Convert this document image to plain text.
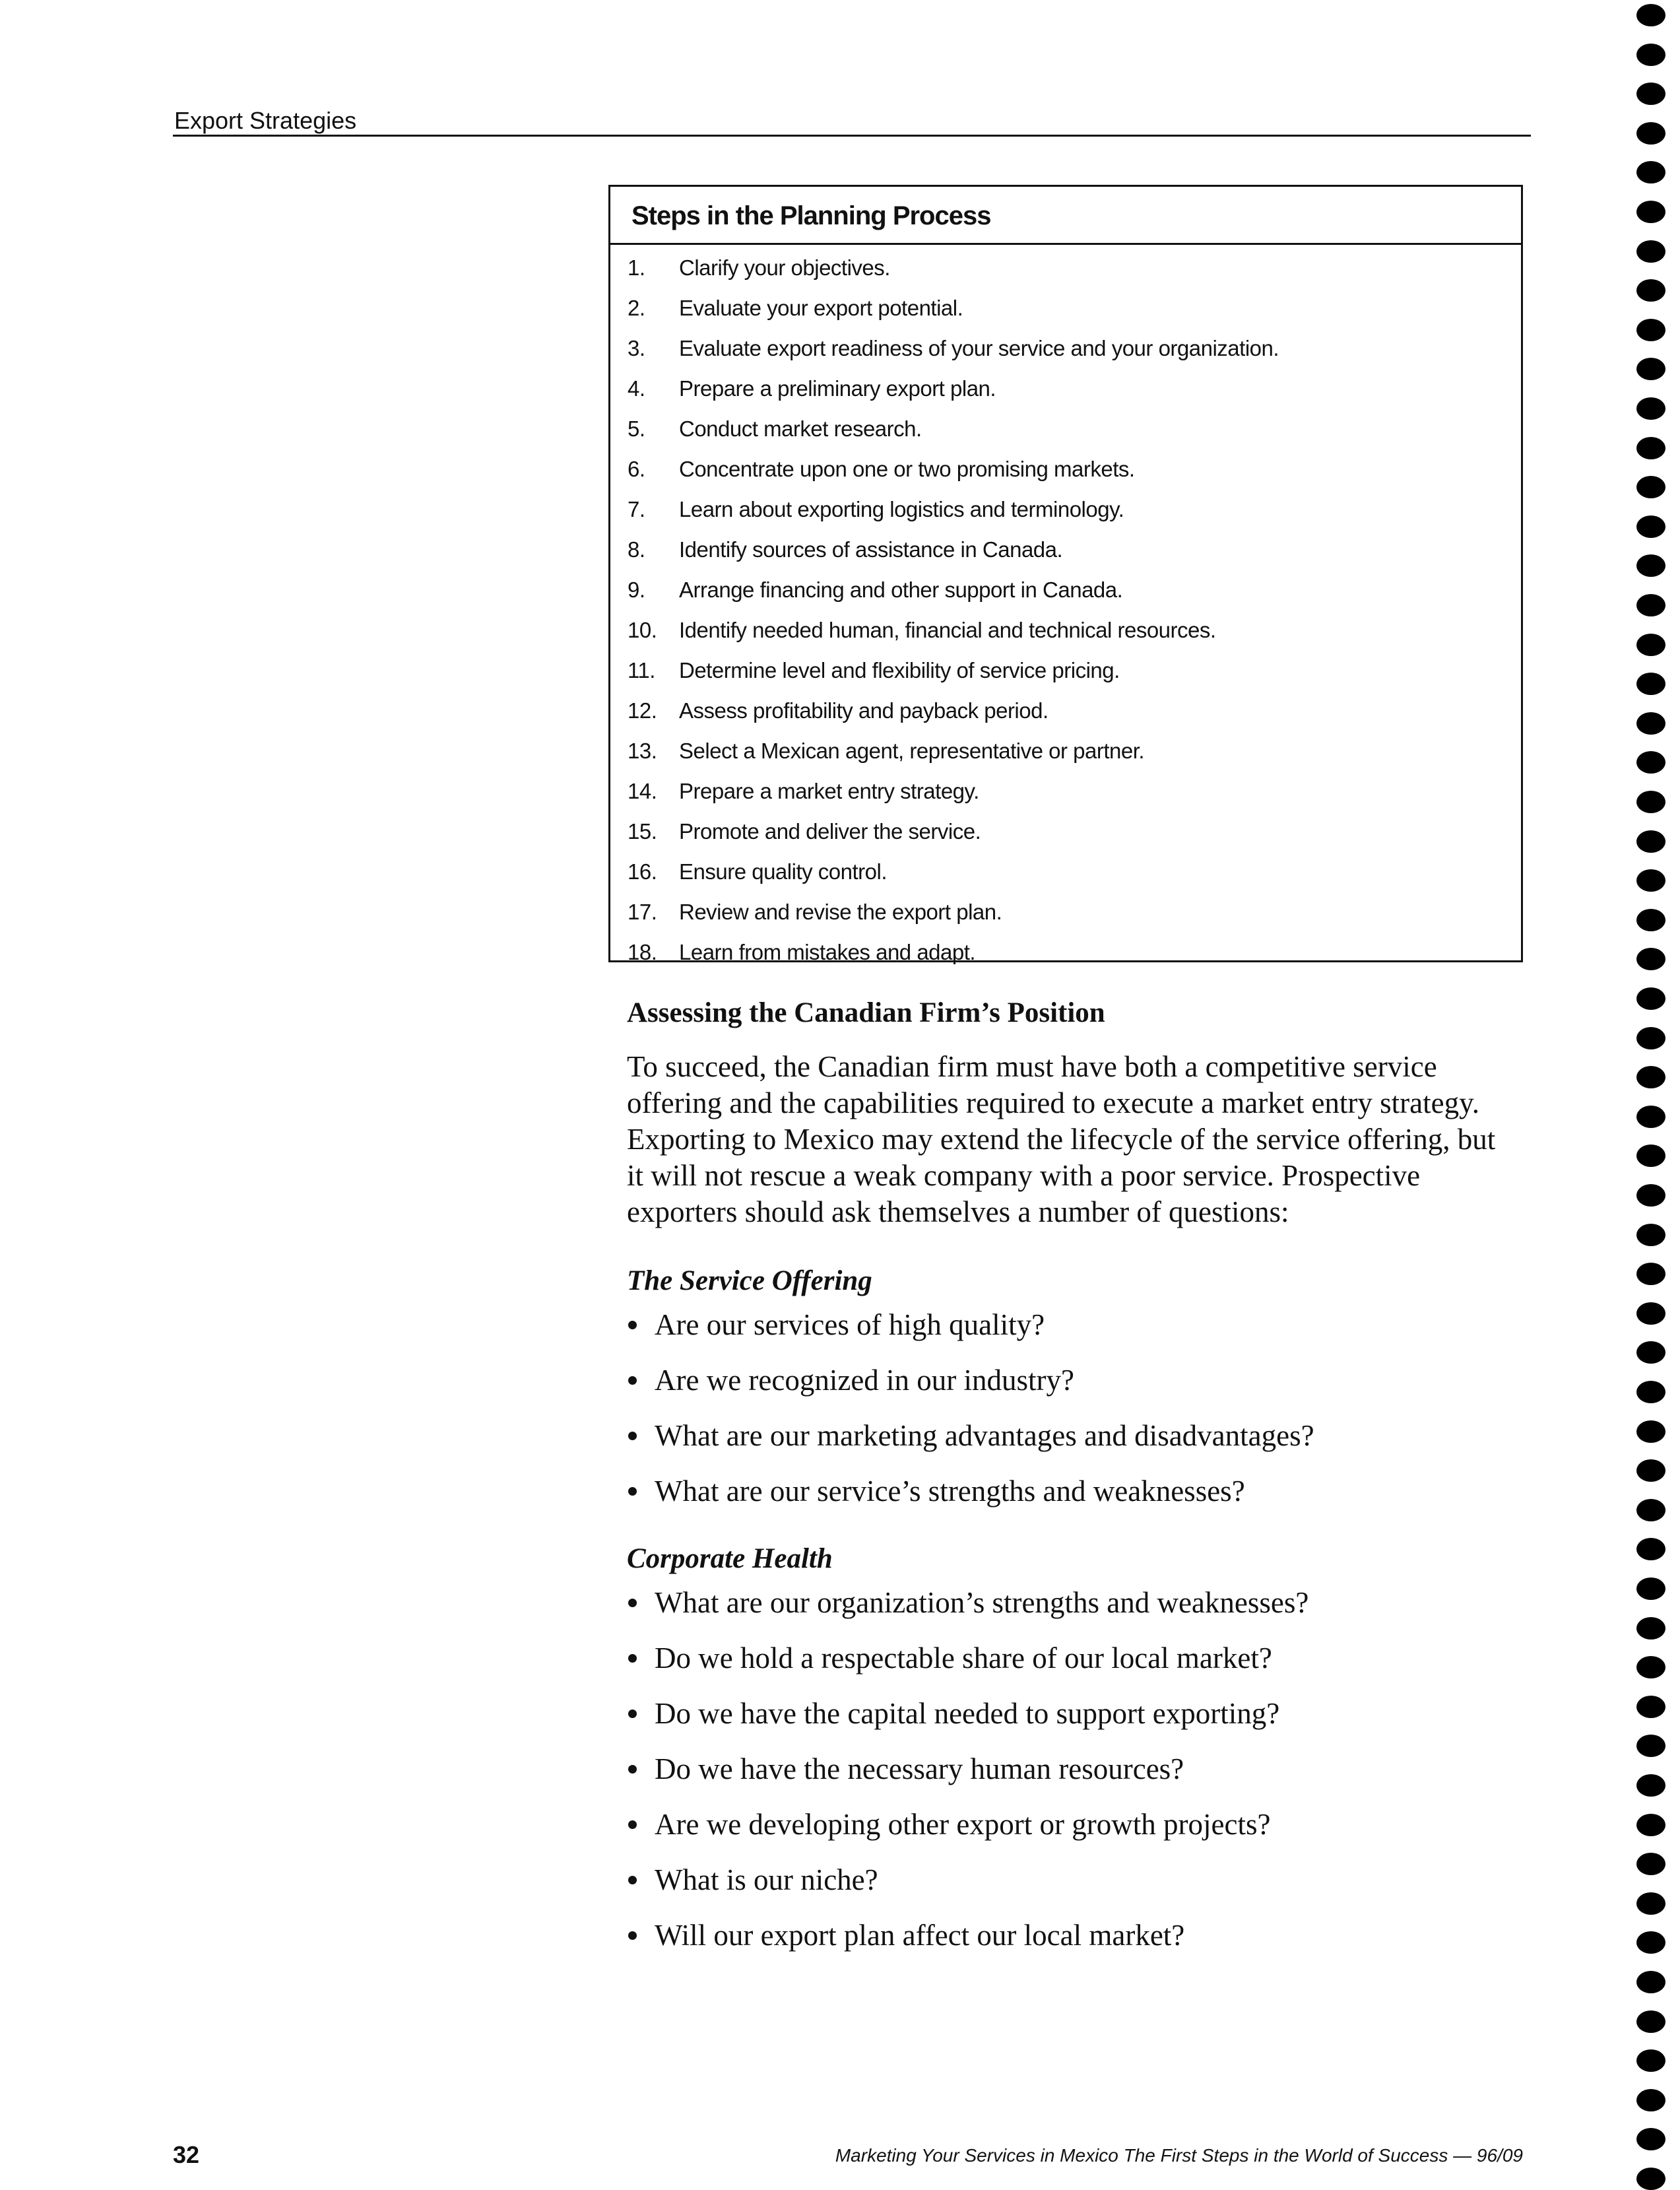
Export Strategies
Steps in the Planning Process
1. Clarify your objectives.
2. Evaluate your export potential.
3. Evaluate export readiness of your service and your organization.
4. Prepare a preliminary export plan.
5. Conduct market research.
6. Concentrate upon one or two promising markets.
7. Learn about exporting logistics and terminology.
8. Identify sources of assistance in Canada.
9. Arrange financing and other support in Canada.
10. Identify needed human, financial and technical resources.
11. Determine level and flexibility of service pricing.
12. Assess profitability and payback period.
13. Select a Mexican agent, representative or partner.
14. Prepare a market entry strategy.
15. Promote and deliver the service.
16. Ensure quality control.
17. Review and revise the export plan.
18. Learn from mistakes and adapt.
Assessing the Canadian Firm’s Position
To succeed, the Canadian firm must have both a competitive service
offering and the capabilities required to execute a market entry strategy.
Exporting to Mexico may extend the lifecycle of the service offering, but
it will not rescue a weak company with a poor service. Prospective
exporters should ask themselves a number of questions:
The Service Offering
Are our services of high quality?
Are we recognized in our industry?
What are our marketing advantages and disadvantages?
What are our service’s strengths and weaknesses?
Corporate Health
What are our organization’s strengths and weaknesses?
Do we hold a respectable share of our local market?
Do we have the capital needed to support exporting?
Do we have the necessary human resources?
Are we developing other export or growth projects?
What is our niche?
Will our export plan affect our local market?
32	Marketing Your Services in Mexico The First Steps in the World of Success — 96/09
